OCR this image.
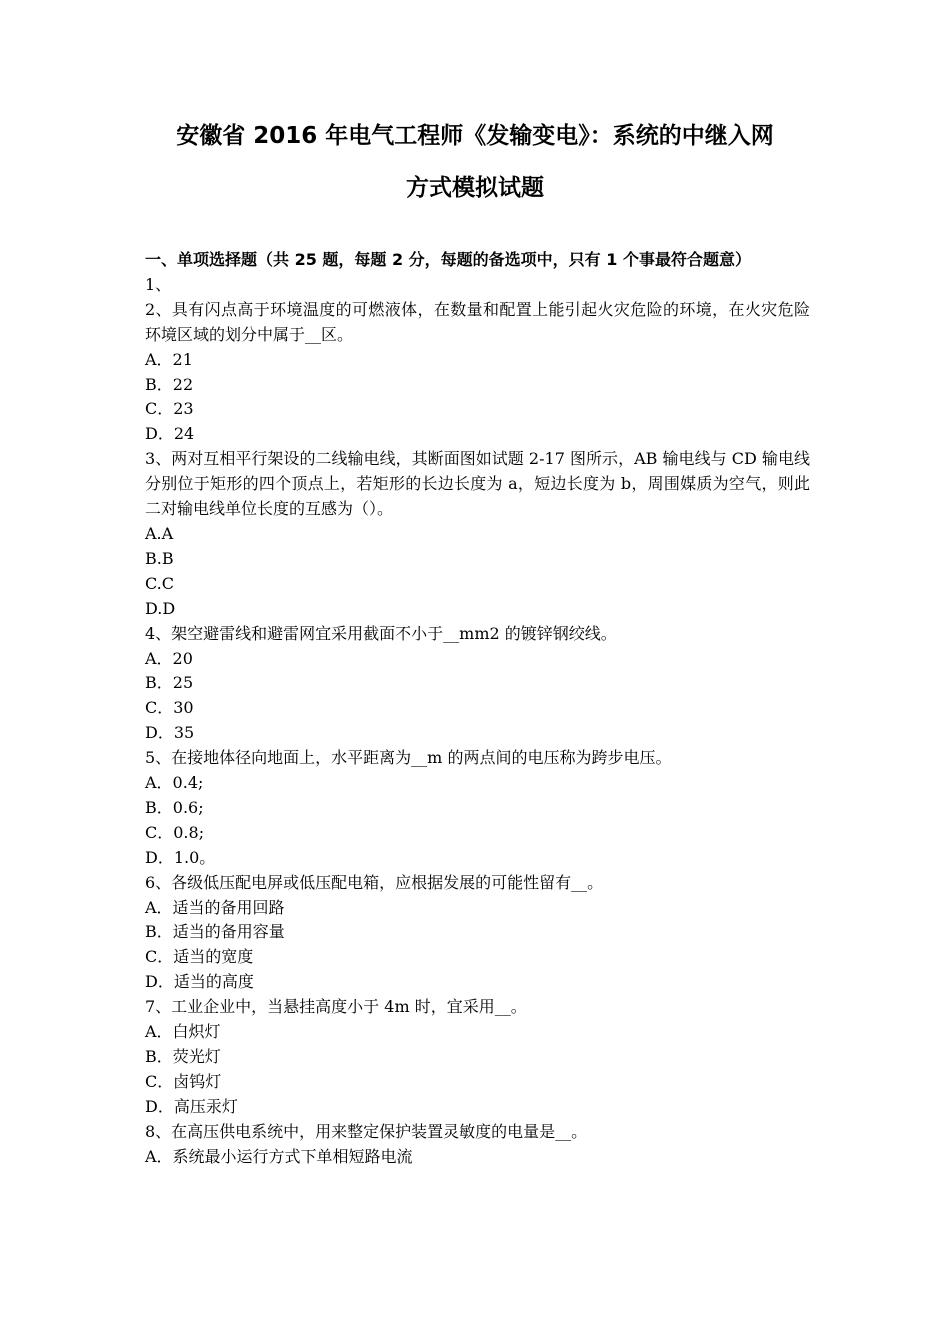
安徽省 2016 年电气工程师《发输变电》：系统的中继入网
方式模拟试题

一、单项选择题（共 25 题，每题 2 分，每题的备选项中，只有 1 个事最符合题意）

1、

2、具有闪点高于环境温度的可燃液体，在数量和配置上能引起火灾危险的环境，在火灾危险环境区域的划分中属于__区。

A．21

B．22

C．23

D．24

3、两对互相平行架设的二线输电线，其断面图如试题 2-17 图所示，AB 输电线与 CD 输电线分别位于矩形的四个顶点上，若矩形的长边长度为 a，短边长度为 b，周围媒质为空气，则此二对输电线单位长度的互感为（）。

A.A

B.B

C.C

D.D

4、架空避雷线和避雷网宜采用截面不小于__mm2 的镀锌钢绞线。

A．20

B．25

C．30

D．35

5、在接地体径向地面上，水平距离为__m 的两点间的电压称为跨步电压。

A．0.4;

B．0.6;

C．0.8;

D．1.0。

6、各级低压配电屏或低压配电箱，应根据发展的可能性留有__。

A．适当的备用回路

B．适当的备用容量

C．适当的宽度

D．适当的高度

7、工业企业中，当悬挂高度小于 4m 时，宜采用__。

A．白炽灯

B．荧光灯

C．卤钨灯

D．高压汞灯

8、在高压供电系统中，用来整定保护装置灵敏度的电量是__。

A．系统最小运行方式下单相短路电流
